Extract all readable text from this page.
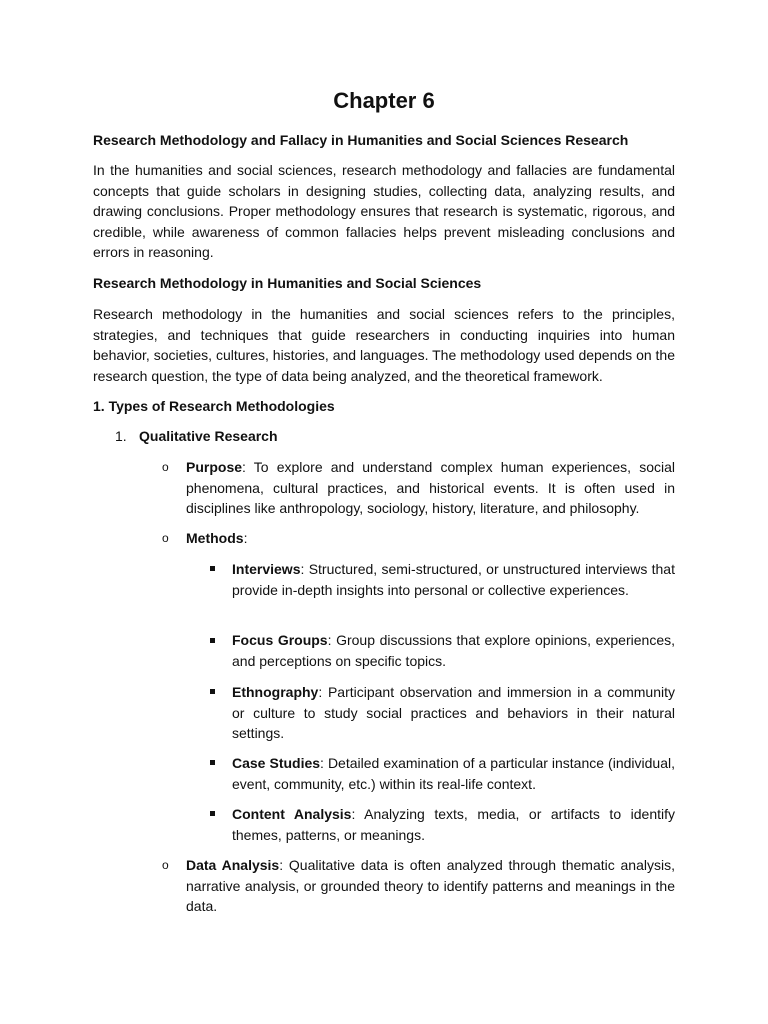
Chapter 6

Research Methodology and Fallacy in Humanities and Social Sciences Research

In the humanities and social sciences, research methodology and fallacies are fundamental concepts that guide scholars in designing studies, collecting data, analyzing results, and drawing conclusions. Proper methodology ensures that research is systematic, rigorous, and credible, while awareness of common fallacies helps prevent misleading conclusions and errors in reasoning.

Research Methodology in Humanities and Social Sciences

Research methodology in the humanities and social sciences refers to the principles, strategies, and techniques that guide researchers in conducting inquiries into human behavior, societies, cultures, histories, and languages. The methodology used depends on the research question, the type of data being analyzed, and the theoretical framework.

1. Types of Research Methodologies

1. Qualitative Research
o Purpose: To explore and understand complex human experiences, social phenomena, cultural practices, and historical events. It is often used in disciplines like anthropology, sociology, history, literature, and philosophy.

o Methods:

Interviews: Structured, semi-structured, or unstructured interviews that provide in-depth insights into personal or collective experiences.

Focus Groups: Group discussions that explore opinions, experiences, and perceptions on specific topics.

Ethnography: Participant observation and immersion in a community or culture to study social practices and behaviors in their natural settings.

Case Studies: Detailed examination of a particular instance (individual, event, community, etc.) within its real-life context.

Content Analysis: Analyzing texts, media, or artifacts to identify themes, patterns, or meanings.

o Data Analysis: Qualitative data is often analyzed through thematic analysis, narrative analysis, or grounded theory to identify patterns and meanings in the data.
